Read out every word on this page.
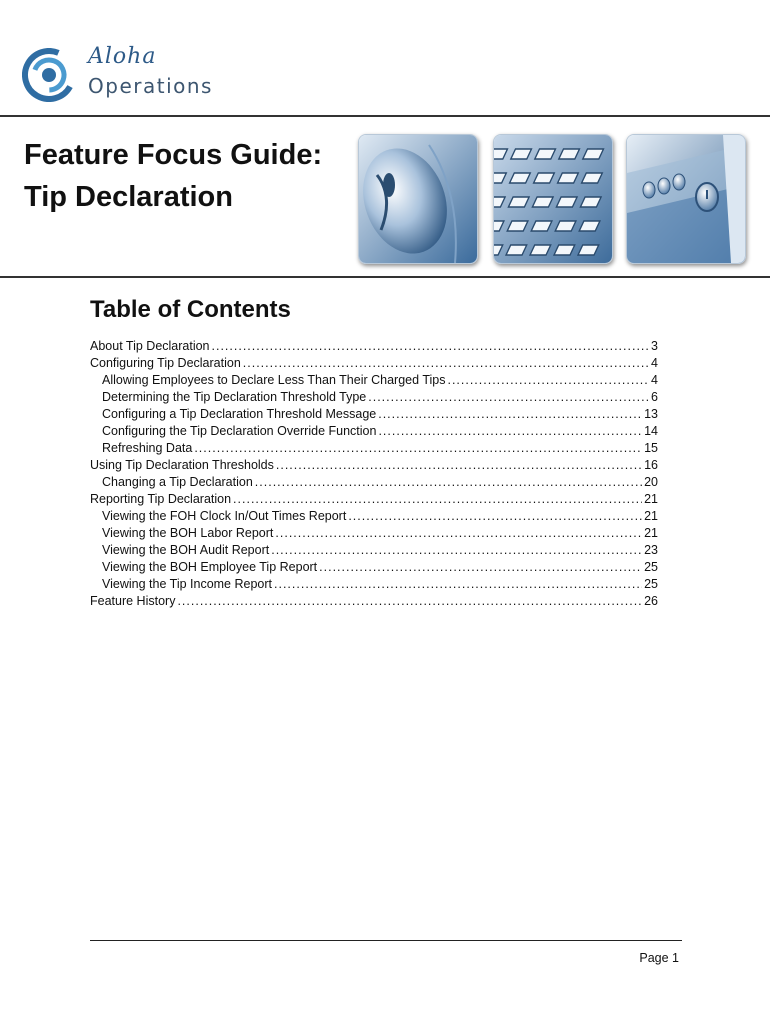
Aloha
Operations
Feature Focus Guide:
Tip Declaration
Table of Contents
About Tip Declaration .....	3
Configuring Tip Declaration .....	4
Allowing Employees to Declare Less Than Their Charged Tips .....	4
Determining the Tip Declaration Threshold Type .....	6
Configuring a Tip Declaration Threshold Message .....	13
Configuring the Tip Declaration Override Function .....	14
Refreshing Data .....	15
Using Tip Declaration Thresholds .....	16
Changing a Tip Declaration .....	20
Reporting Tip Declaration .....	21
Viewing the FOH Clock In/Out Times Report .....	21
Viewing the BOH Labor Report .....	21
Viewing the BOH Audit Report .....	23
Viewing the BOH Employee Tip Report .....	25
Viewing the Tip Income Report .....	25
Feature History .....	26
Page 1
